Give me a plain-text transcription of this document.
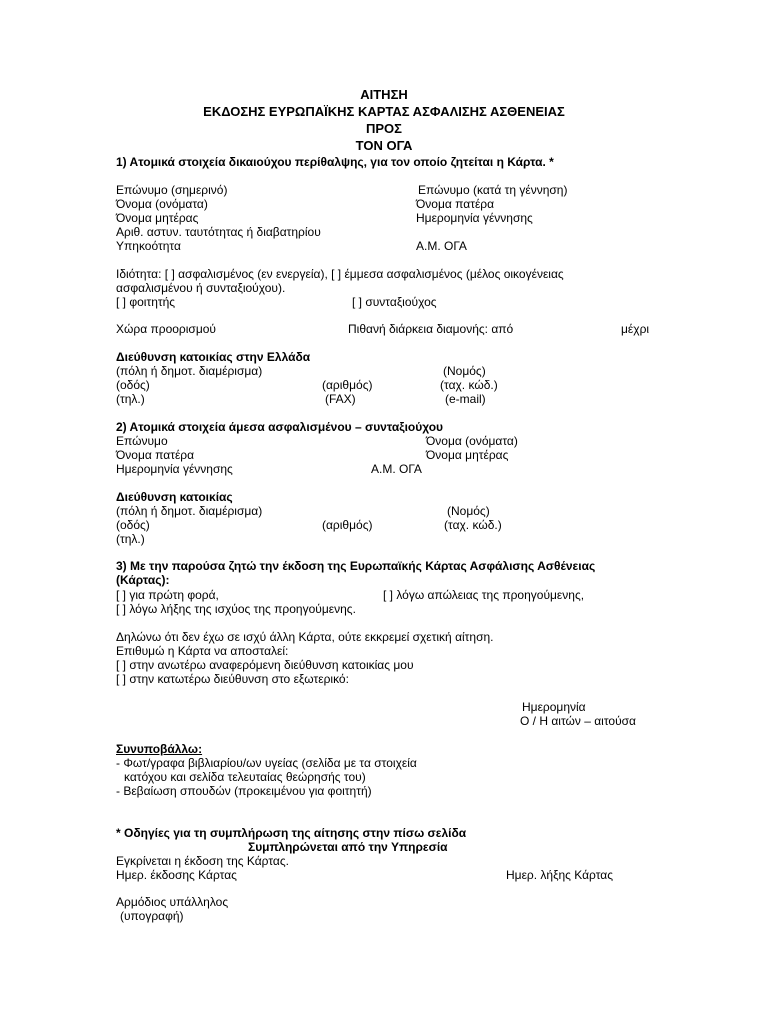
ΑΙΤΗΣΗ
ΕΚΔΟΣΗΣ ΕΥΡΩΠΑΪΚΗΣ ΚΑΡΤΑΣ ΑΣΦΑΛΙΣΗΣ ΑΣΘΕΝΕΙΑΣ
ΠΡΟΣ
ΤΟΝ ΟΓΑ
1) Ατομικά στοιχεία δικαιούχου περίθαλψης, για τον οποίο ζητείται η Κάρτα. *
Επώνυμο (σημερινό)	Επώνυμο (κατά τη γέννηση)
Όνομα (ονόματα)	Όνομα πατέρα
Όνομα μητέρας	Ημερομηνία γέννησης
Αριθ. αστυν. ταυτότητας ή διαβατηρίου
Υπηκοότητα	Α.Μ. ΟΓΑ
Ιδιότητα: [ ] ασφαλισμένος (εν ενεργεία), [ ] έμμεσα ασφαλισμένος (μέλος οικογένειας
ασφαλισμένου ή συνταξιούχου).
[ ] φοιτητής	[ ] συνταξιούχος
Χώρα προορισμού	Πιθανή διάρκεια διαμονής: από	μέχρι
Διεύθυνση κατοικίας στην Ελλάδα
(πόλη ή δημοτ. διαμέρισμα)	(Νομός)
(οδός)	(αριθμός)	(ταχ. κώδ.)
(τηλ.)	(FAX)	(e-mail)
2) Ατομικά στοιχεία άμεσα ασφαλισμένου – συνταξιούχου
Επώνυμο	Όνομα (ονόματα)
Όνομα πατέρα	Όνομα μητέρας
Ημερομηνία γέννησης	Α.Μ. ΟΓΑ
Διεύθυνση κατοικίας
(πόλη ή δημοτ. διαμέρισμα)	(Νομός)
(οδός)	(αριθμός)	(ταχ. κώδ.)
(τηλ.)
3) Με την παρούσα ζητώ την έκδοση της Ευρωπαϊκής Κάρτας Ασφάλισης Ασθένειας
(Κάρτας):
[ ] για πρώτη φορά,	[ ] λόγω απώλειας της προηγούμενης,
[ ] λόγω λήξης της ισχύος της προηγούμενης.
Δηλώνω ότι δεν έχω σε ισχύ άλλη Κάρτα, ούτε εκκρεμεί σχετική αίτηση.
Επιθυμώ η Κάρτα να αποσταλεί:
[ ] στην ανωτέρω αναφερόμενη διεύθυνση κατοικίας μου
[ ] στην κατωτέρω διεύθυνση στο εξωτερικό:
Ημερομηνία
Ο / Η αιτών – αιτούσα
Συνυποβάλλω:
- Φωτ/γραφα βιβλιαρίου/ων υγείας (σελίδα με τα στοιχεία
κατόχου και σελίδα τελευταίας θεώρησής του)
- Βεβαίωση σπουδών (προκειμένου για φοιτητή)
* Οδηγίες για τη συμπλήρωση της αίτησης στην πίσω σελίδα
Συμπληρώνεται από την Υπηρεσία
Εγκρίνεται η έκδοση της Κάρτας.
Ημερ. έκδοσης Κάρτας	Ημερ. λήξης Κάρτας
Αρμόδιος υπάλληλος
(υπογραφή)
